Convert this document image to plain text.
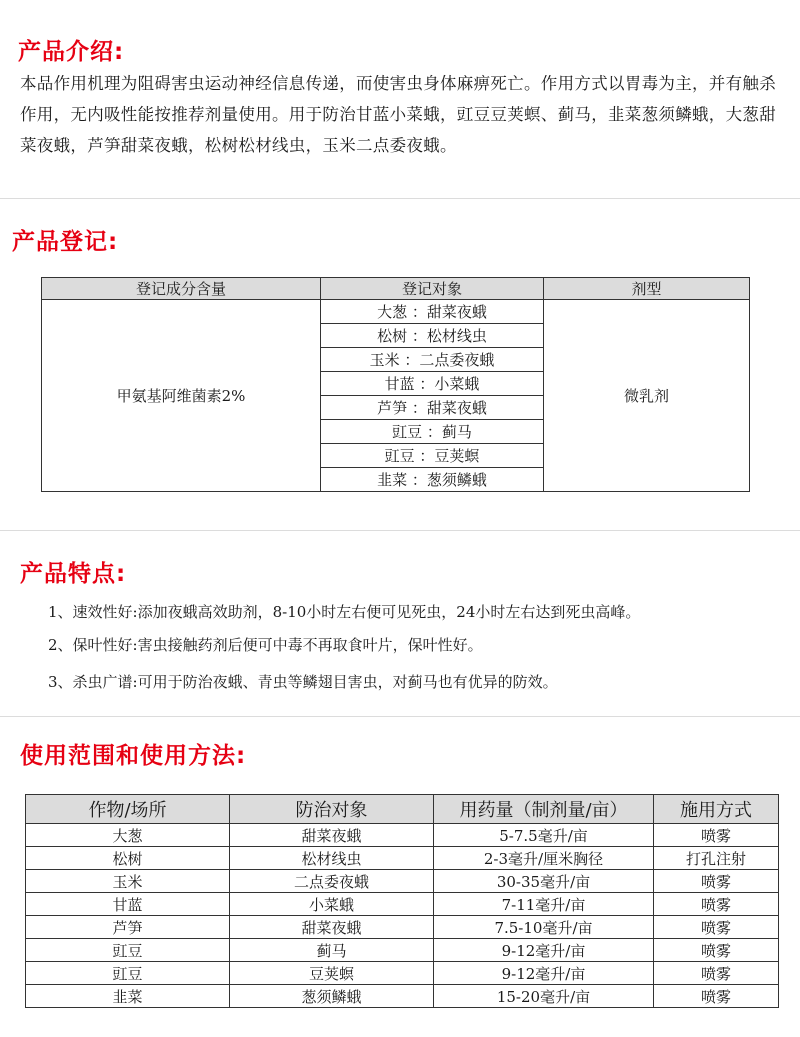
产品介绍:
本品作用机理为阻碍害虫运动神经信息传递，而使害虫身体麻痹死亡。作用方式以胃毒为主，并有触杀作用，无内吸性能按推荐剂量使用。用于防治甘蓝小菜蛾，豇豆豆荚螟、蓟马，韭菜葱须鳞蛾，大葱甜菜夜蛾，芦笋甜菜夜蛾，松树松材线虫，玉米二点委夜蛾。
产品登记:
登记成分含量	登记对象	剂型
甲氨基阿维菌素2%	大葱 ：甜菜夜蛾	微乳剂
	松树 ：松材线虫	
	玉米 ：二点委夜蛾	
	甘蓝 ：小菜蛾	
	芦笋 ：甜菜夜蛾	
	豇豆 ：蓟马	
	豇豆 ：豆荚螟	
	韭菜 ：葱须鳞蛾	
产品特点:
1、速效性好:添加夜蛾高效助剂，8-10小时左右便可见死虫，24小时左右达到死虫高峰。
2、保叶性好:害虫接触药剂后便可中毒不再取食叶片，保叶性好。
3、杀虫广谱:可用于防治夜蛾、青虫等鳞翅目害虫，对蓟马也有优异的防效。
使用范围和使用方法:
作物/场所	防治对象	用药量（制剂量/亩）	施用方式
大葱	甜菜夜蛾	5-7.5毫升/亩	喷雾
松树	松材线虫	2-3毫升/厘米胸径	打孔注射
玉米	二点委夜蛾	30-35毫升/亩	喷雾
甘蓝	小菜蛾	7-11毫升/亩	喷雾
芦笋	甜菜夜蛾	7.5-10毫升/亩	喷雾
豇豆	蓟马	9-12毫升/亩	喷雾
豇豆	豆荚螟	9-12毫升/亩	喷雾
韭菜	葱须鳞蛾	15-20毫升/亩	喷雾
